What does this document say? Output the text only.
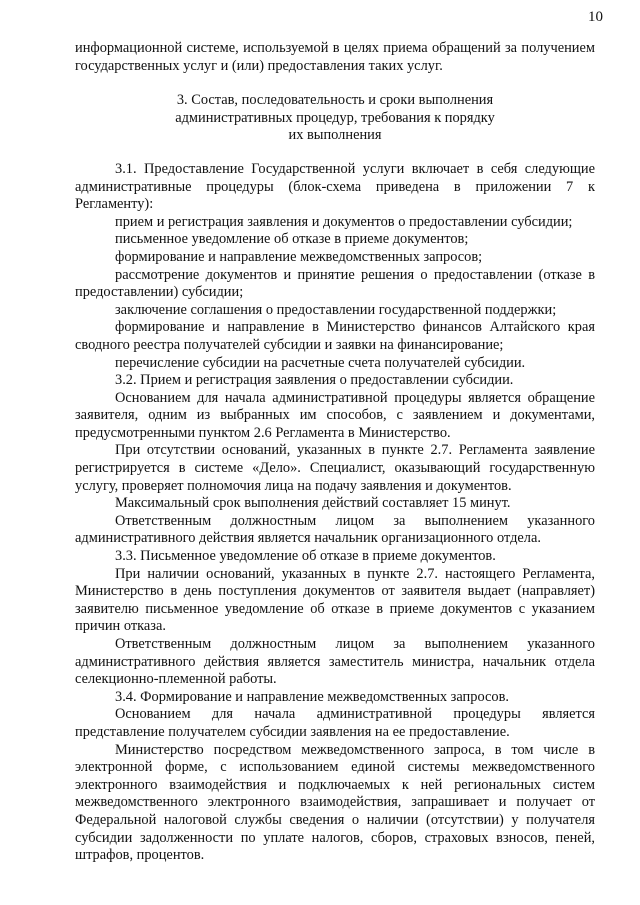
10

информационной системе, используемой в целях приема обращений за получением государственных услуг и (или) предоставления таких услуг.

3. Состав, последовательность и сроки выполнения
административных процедур, требования к порядку
их выполнения

3.1. Предоставление Государственной услуги включает в себя следующие административные процедуры (блок-схема приведена в приложении 7 к Регламенту):

прием и регистрация заявления и документов о предоставлении субсидии;

письменное уведомление об отказе в приеме документов;

формирование и направление межведомственных запросов;

рассмотрение документов и принятие решения о предоставлении (отказе в предоставлении) субсидии;

заключение соглашения о предоставлении государственной поддержки;

формирование и направление в Министерство финансов Алтайского края сводного реестра получателей субсидии и заявки на финансирование;

перечисление субсидии на расчетные счета получателей субсидии.

3.2. Прием и регистрация заявления о предоставлении субсидии.

Основанием для начала административной процедуры является обращение заявителя, одним из выбранных им способов, с заявлением и документами, предусмотренными пунктом 2.6 Регламента в Министерство.

При отсутствии оснований, указанных в пункте 2.7. Регламента заявление регистрируется в системе «Дело». Специалист, оказывающий государственную услугу, проверяет полномочия лица на подачу заявления и документов.

Максимальный срок выполнения действий составляет 15 минут.

Ответственным должностным лицом за выполнением указанного административного действия является начальник организационного отдела.

3.3. Письменное уведомление об отказе в приеме документов.

При наличии оснований, указанных в пункте 2.7. настоящего Регламента, Министерство в день поступления документов от заявителя выдает (направляет) заявителю письменное уведомление об отказе в приеме документов с указанием причин отказа.

Ответственным должностным лицом за выполнением указанного административного действия является заместитель министра, начальник отдела селекционно-племенной работы.

3.4. Формирование и направление межведомственных запросов.

Основанием для начала административной процедуры является представление получателем субсидии заявления на ее предоставление.

Министерство посредством межведомственного запроса, в том числе в электронной форме, с использованием единой системы межведомственного электронного взаимодействия и подключаемых к ней региональных систем межведомственного электронного взаимодействия, запрашивает и получает от Федеральной налоговой службы сведения о наличии (отсутствии) у получателя субсидии задолженности по уплате налогов, сборов, страховых взносов, пеней, штрафов, процентов.
